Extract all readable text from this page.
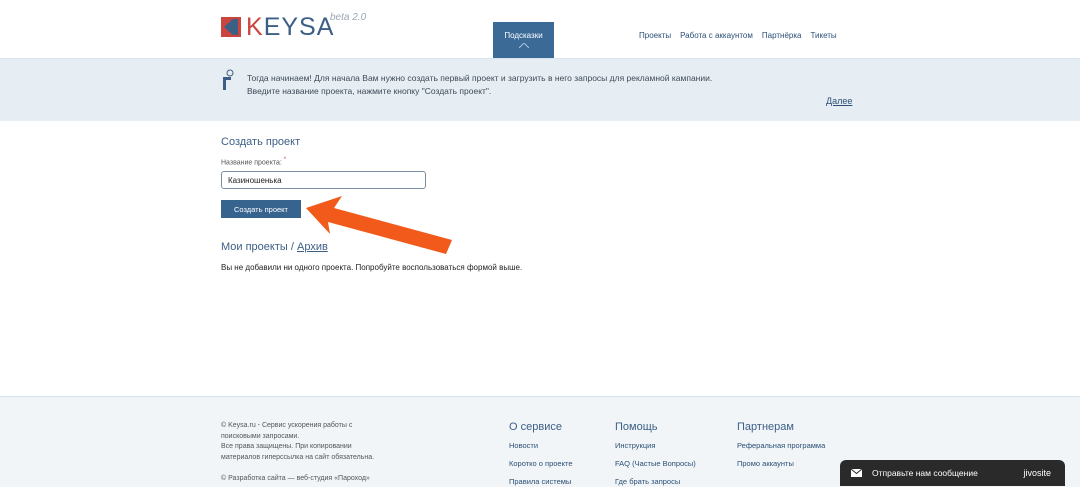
KEYSA
beta 2.0
Подсказки	Проекты Работа с аккаунтом Партнёрка Тикеты
Тогда начинаем! Для начала Вам нужно создать первый проект и загрузить в него запросы для рекламной кампании.
Введите название проекта, нажмите кнопку "Создать проект".
Далее
Создать проект
Название проекта: *
Казиношенька
Создать проект
Мои проекты / Архив
Вы не добавили ни одного проекта. Попробуйте воспользоваться формой выше.
© Keysa.ru - Сервис ускорения работы с
поисковыми запросами.
Все права защищены. При копировании
материалов гиперссылка на сайт обязательна.
© Разработка сайта — веб-студия «Пароход»
О сервисе
Новости
Коротко о проекте
Правила системы
Помощь
Инструкция
FAQ (Частые Вопросы)
Где брать запросы
Партнерам
Реферальная программа
Промо аккаунты
Отправьте нам сообщение	jivosite
